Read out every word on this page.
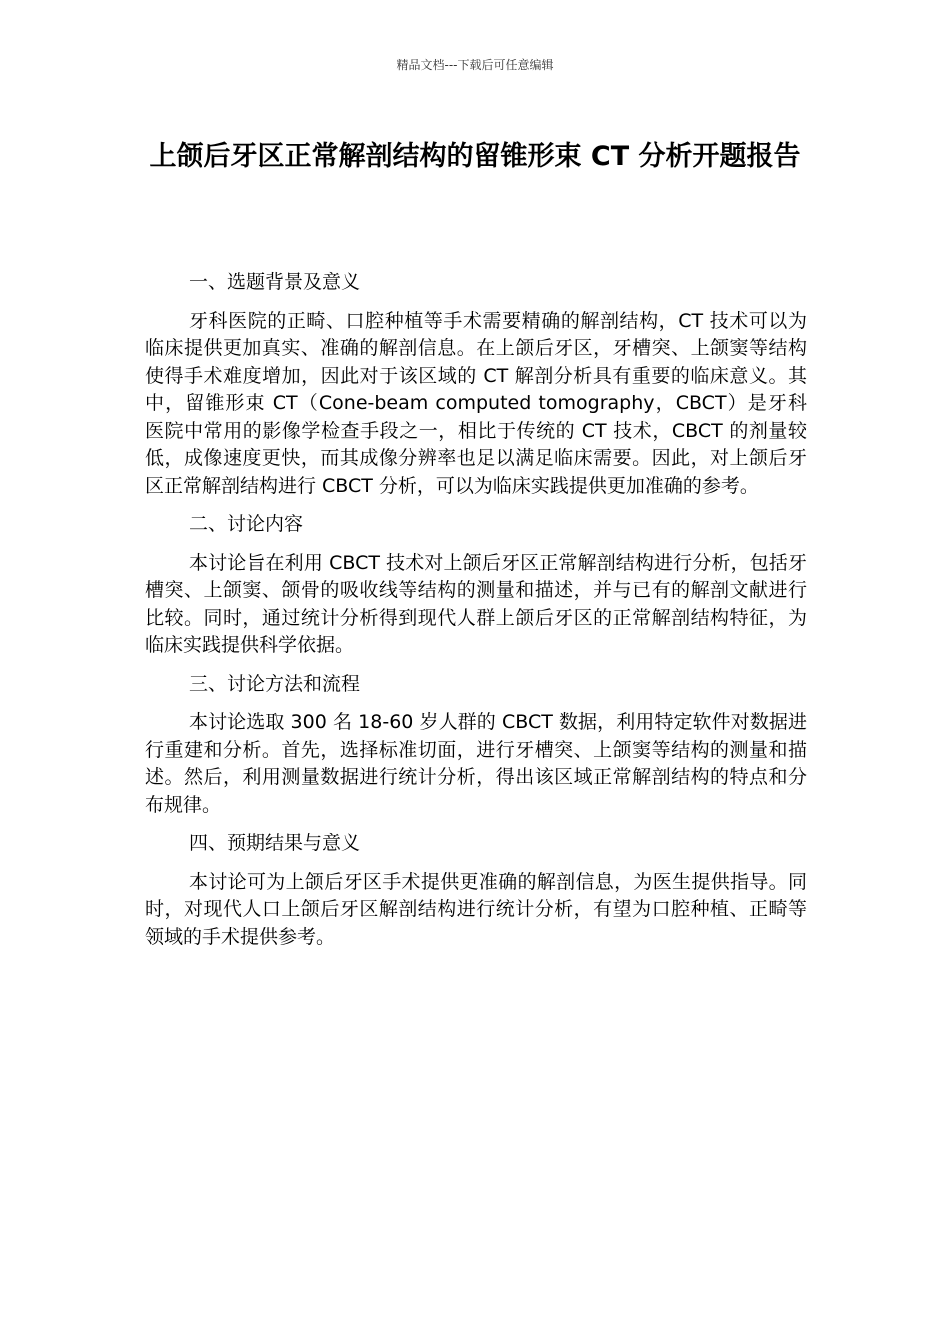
精品文档---下载后可任意编辑
上颌后牙区正常解剖结构的留锥形束 CT 分析开题报告

一、选题背景及意义

牙科医院的正畸、口腔种植等手术需要精确的解剖结构，CT 技术可以为临床提供更加真实、准确的解剖信息。在上颌后牙区，牙槽突、上颌窦等结构使得手术难度增加，因此对于该区域的 CT 解剖分析具有重要的临床意义。其中，留锥形束 CT（Cone-beam computed tomography，CBCT）是牙科医院中常用的影像学检查手段之一，相比于传统的 CT 技术，CBCT 的剂量较低，成像速度更快，而其成像分辨率也足以满足临床需要。因此，对上颌后牙区正常解剖结构进行 CBCT 分析，可以为临床实践提供更加准确的参考。

二、讨论内容

本讨论旨在利用 CBCT 技术对上颌后牙区正常解剖结构进行分析，包括牙槽突、上颌窦、颌骨的吸收线等结构的测量和描述，并与已有的解剖文献进行比较。同时，通过统计分析得到现代人群上颌后牙区的正常解剖结构特征，为临床实践提供科学依据。

三、讨论方法和流程

本讨论选取 300 名 18-60 岁人群的 CBCT 数据，利用特定软件对数据进行重建和分析。首先，选择标准切面，进行牙槽突、上颌窦等结构的测量和描述。然后，利用测量数据进行统计分析，得出该区域正常解剖结构的特点和分布规律。

四、预期结果与意义

本讨论可为上颌后牙区手术提供更准确的解剖信息，为医生提供指导。同时，对现代人口上颌后牙区解剖结构进行统计分析，有望为口腔种植、正畸等领域的手术提供参考。
